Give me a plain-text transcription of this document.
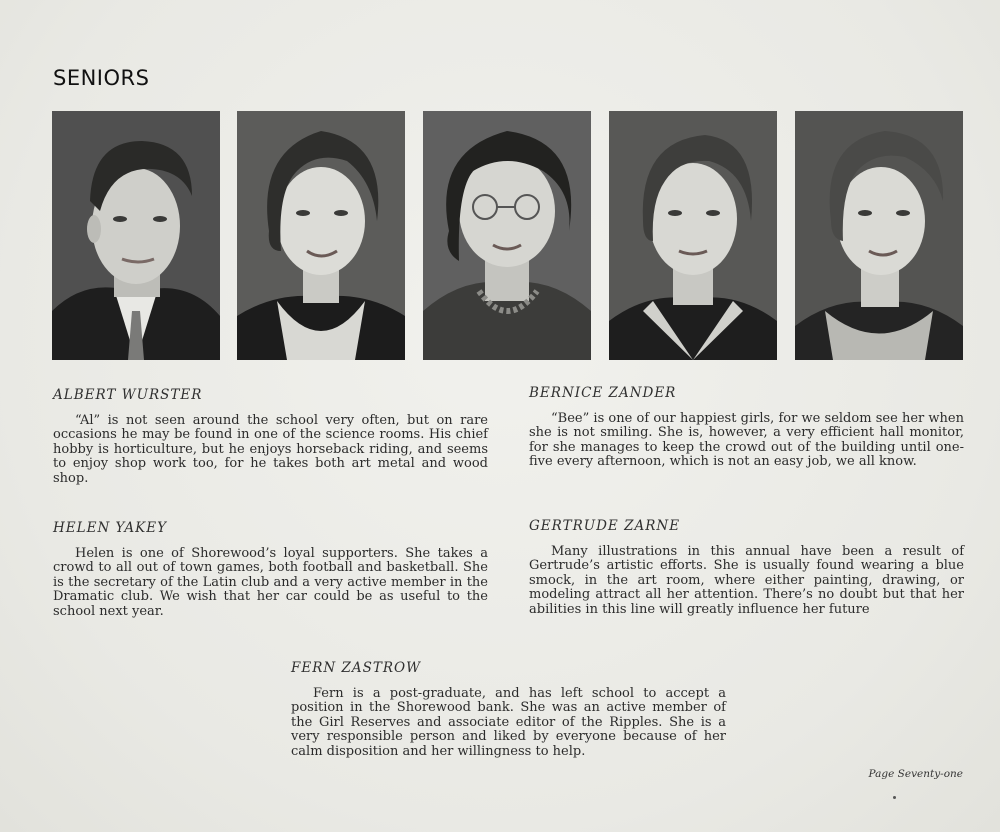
SENIORS

ALBERT WURSTER

“Al” is not seen around the school very often, but on rare occasions he may be found in one of the science rooms. His chief hobby is horticulture, but he enjoys horseback riding, and seems to enjoy shop work too, for he takes both art metal and wood shop.

BERNICE ZANDER

“Bee” is one of our happiest girls, for we seldom see her when she is not smiling. She is, however, a very efficient hall monitor, for she manages to keep the crowd out of the building until one-five every afternoon, which is not an easy job, we all know.

HELEN YAKEY

Helen is one of Shorewood’s loyal supporters. She takes a crowd to all out of town games, both football and basketball. She is the secretary of the Latin club and a very active member in the Dramatic club. We wish that her car could be as useful to the school next year.

GERTRUDE ZARNE

Many illustrations in this annual have been a result of Gertrude’s artistic efforts. She is usually found wearing a blue smock, in the art room, where either painting, drawing, or modeling attract all her attention. There’s no doubt but that her abilities in this line will greatly influence her future

FERN ZASTROW

Fern is a post-graduate, and has left school to accept a position in the Shorewood bank. She was an active member of the Girl Reserves and associate editor of the Ripples. She is a very responsible person and liked by everyone because of her calm disposition and her willingness to help.

Page Seventy-one
